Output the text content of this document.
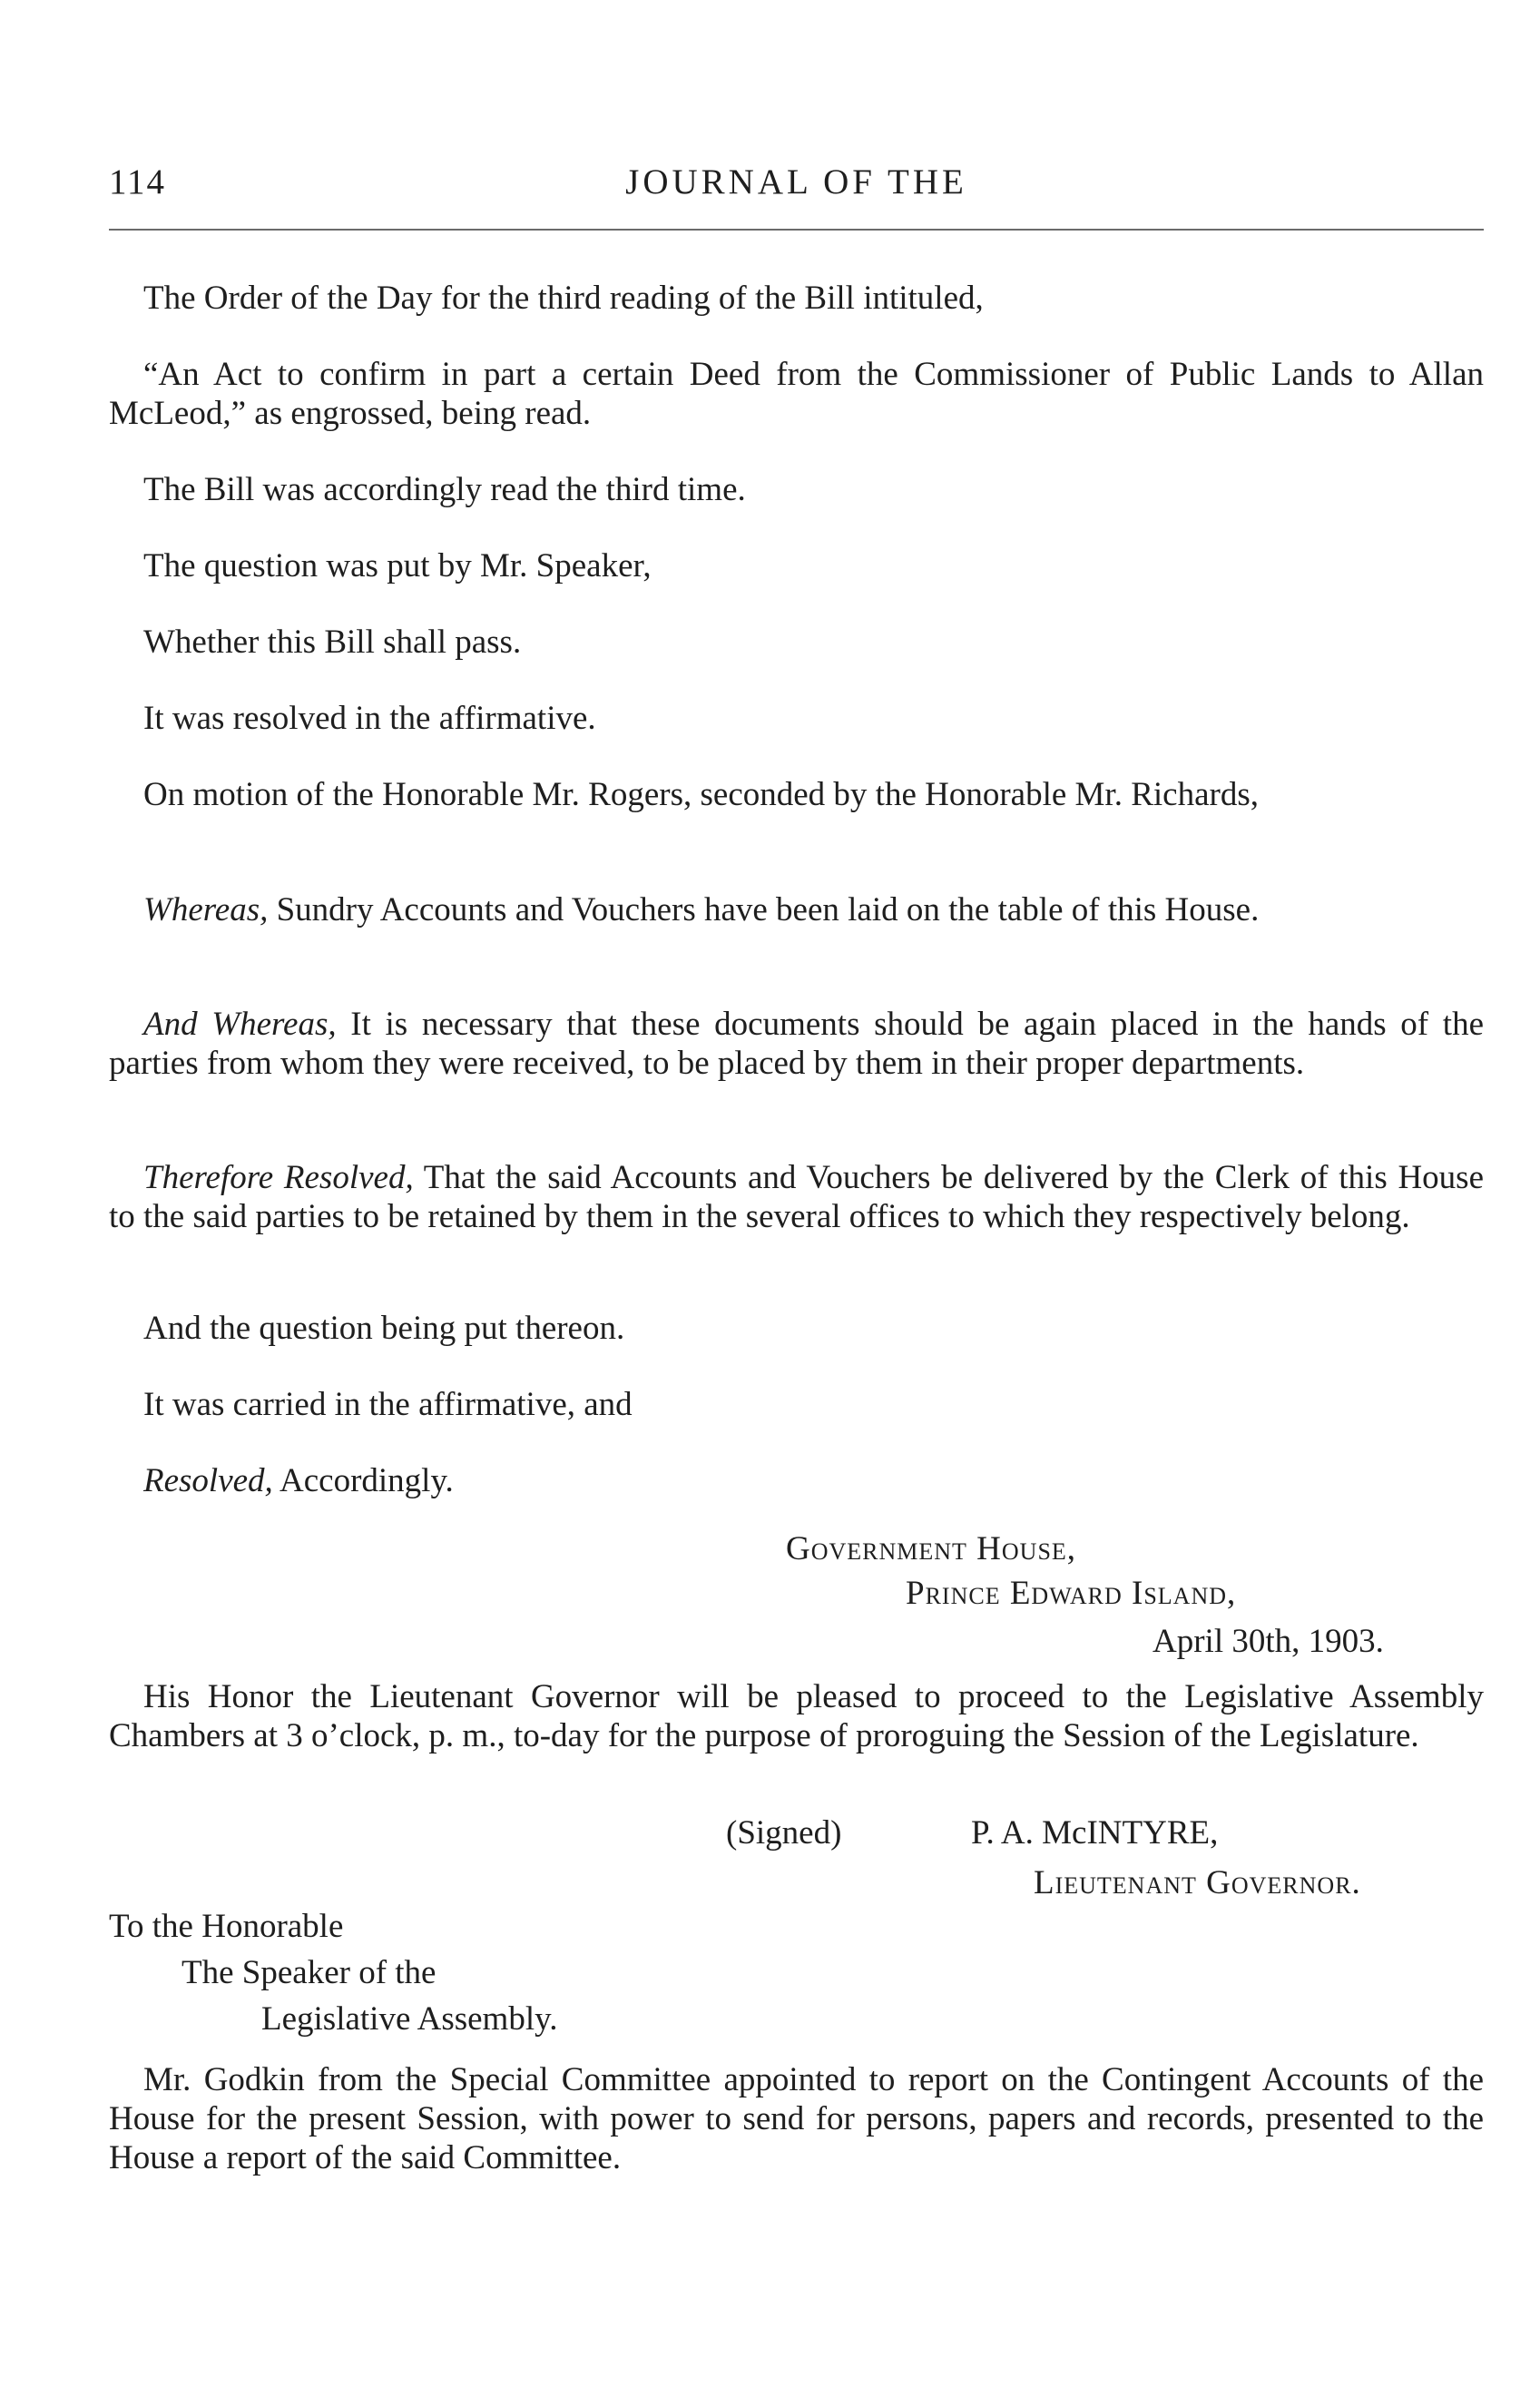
114	JOURNAL OF THE
The Order of the Day for the third reading of the Bill intituled,
“An Act to confirm in part a certain Deed from the Commissioner of Public Lands to Allan McLeod,” as engrossed, being read.
The Bill was accordingly read the third time.
The question was put by Mr. Speaker,
Whether this Bill shall pass.
It was resolved in the affirmative.
On motion of the Honorable Mr. Rogers, seconded by the Honorable Mr. Richards,
Whereas, Sundry Accounts and Vouchers have been laid on the table of this House.
And Whereas, It is necessary that these documents should be again placed in the hands of the parties from whom they were received, to be placed by them in their proper departments.
Therefore Resolved, That the said Accounts and Vouchers be delivered by the Clerk of this House to the said parties to be retained by them in the several offices to which they respectively belong.
And the question being put thereon.
It was carried in the affirmative, and
Resolved, Accordingly.
Government House,
Prince Edward Island,
April 30th, 1903.
His Honor the Lieutenant Governor will be pleased to proceed to the Legislative Assembly Chambers at 3 o’clock, p. m., to-day for the purpose of proroguing the Session of the Legislature.
(Signed)	P. A. McINTYRE,
Lieutenant Governor.
To the Honorable
The Speaker of the
Legislative Assembly.
Mr. Godkin from the Special Committee appointed to report on the Contingent Accounts of the House for the present Session, with power to send for persons, papers and records, presented to the House a report of the said Committee.
